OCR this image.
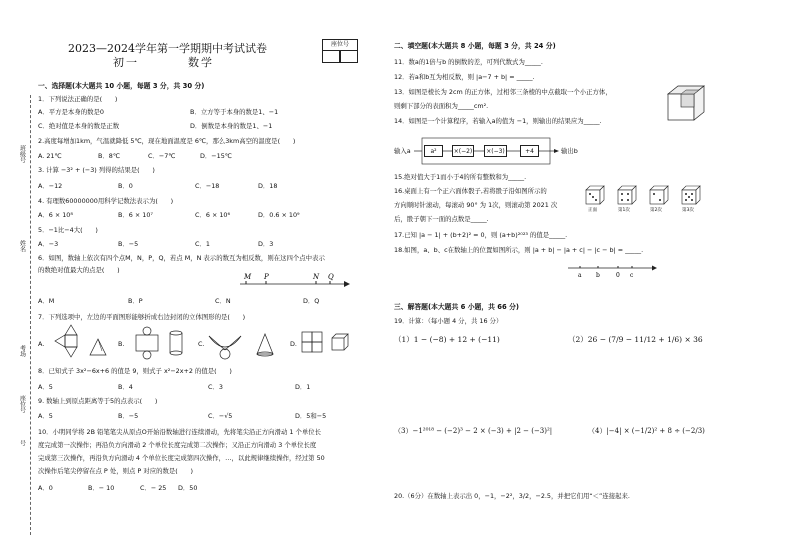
班级号
姓名
考场
座位号
号
2023—2024学年第一学期期中考试试卷
初一	数学
座位号
一、选择题(本大题共 10 小题，每题 3 分，共 30 分)
1．下列说法正确的是(　　)
A．平方是本身的数是0	B．立方等于本身的数是1、−1
C．绝对值是本身的数是正数	D．倒数是本身的数是1、−1
2.高度每增加1km，气温就降低 5℃，现在地面温度是 6℃，那么3km高空的温度是(　　)
A. 21℃	B．8℃	C．−7℃	D．−15℃
3. 计算 −3² + (−3) 列得的结果是(　　)
A．−12	B．0	C．−18	D．18
4. 有理数60000000用科学记数法表示为(　　)
A．6 × 10⁸	B．6 × 10⁷	C．6 × 10⁶	D．0.6 × 10⁹
5．−1比−4大(　　)
A．−3	B．−5	C．1	D．3
6．如图，数轴上依次有四个点M，N，P，Q，若点 M，N 表示的数互为相反数，则在这四个点中表示
的数绝对值最大的点是(　　)
M P	N Q
A．M	B．P	C．N	D．Q
7．下列选项中，左边的平面图形能够折成右边封闭的立体图形的是(　　)
A.	B.	C.	D.
8．已知式子 3x²−6x+6 的值是 9，则式子 x²−2x+2 的值是(　　)
A．5	B．4	C．3	D．1
9. 数轴上到原点距离等于5的点表示(　　)
A．5	B．−5	C．−√5	D．5和−5
10．小明同学将 2B 铅笔笔尖从原点O开始沿数轴进行连续滑动，先将笔尖沿正方向滑动 1 个单位长
度完成第一次操作；再沿负方向滑动 2 个单位长度完成第二次操作；又沿正方向滑动 3 个单位长度
完成第三次操作，再沿负方向滑动 4 个单位长度完成第四次操作，…，以此规律继续操作，经过第 50
次操作后笔尖停留在点 P 处，则点 P 对应的数是(　　)
A．0	B．− 10	C．− 25 D．50
二、填空题(本大题共 8 小题，每题 3 分，共 24 分)
11．数a的1倍与b 的倒数的差，可列代数式为_____.
12．若a和b互为相反数，则 |a−7 + b| = _____.
13．如图是棱长为 2cm 的正方体，过相邻三条棱的中点截取一个小正方体，
则剩下部分的表面积为_____cm².
14．如图是一个计算程序，若输入a的值为 −1，则输出的结果应为_____.
输入a	a²	×(−2)	×(−3)	+4	输出b
15.绝对值大于1而小于4的所有整数和为_____.
16.桌面上有一个正六面体骰子,若将骰子沿如图所示的
方向顺时针滚动，每滚动 90° 为 1次，则滚动第 2021 次
后，骰子朝下一面的点数是_____.
正面	第1次	第2次	第3次
17.已知 |a − 1| + (b+2)² = 0，则 (a+b)²⁰²³ 的值是_____.
18.如图，a、b、c在数轴上的位置如图所示，则 |a + b| − |a + c| − |c − b| = _____.
a b	0 c
三、解答题(本大题共 6 小题，共 66 分)
19．计算：（每小题 4 分，共 16 分）
（1）1 − (−8) + 12 + (−11)	（2）26 − (7/9 − 11/12 + 1/6) × 36
（3）−1²⁰¹⁸ − (−2)³ − 2 × (−3) + |2 − (−3)²|	（4）|−4| × (−1/2)² + 8 ÷ (−2/3)
20.（6分）在数轴上表示出 0，−1，−2²，3/2，−2.5，并把它们用“＜”连接起来.
